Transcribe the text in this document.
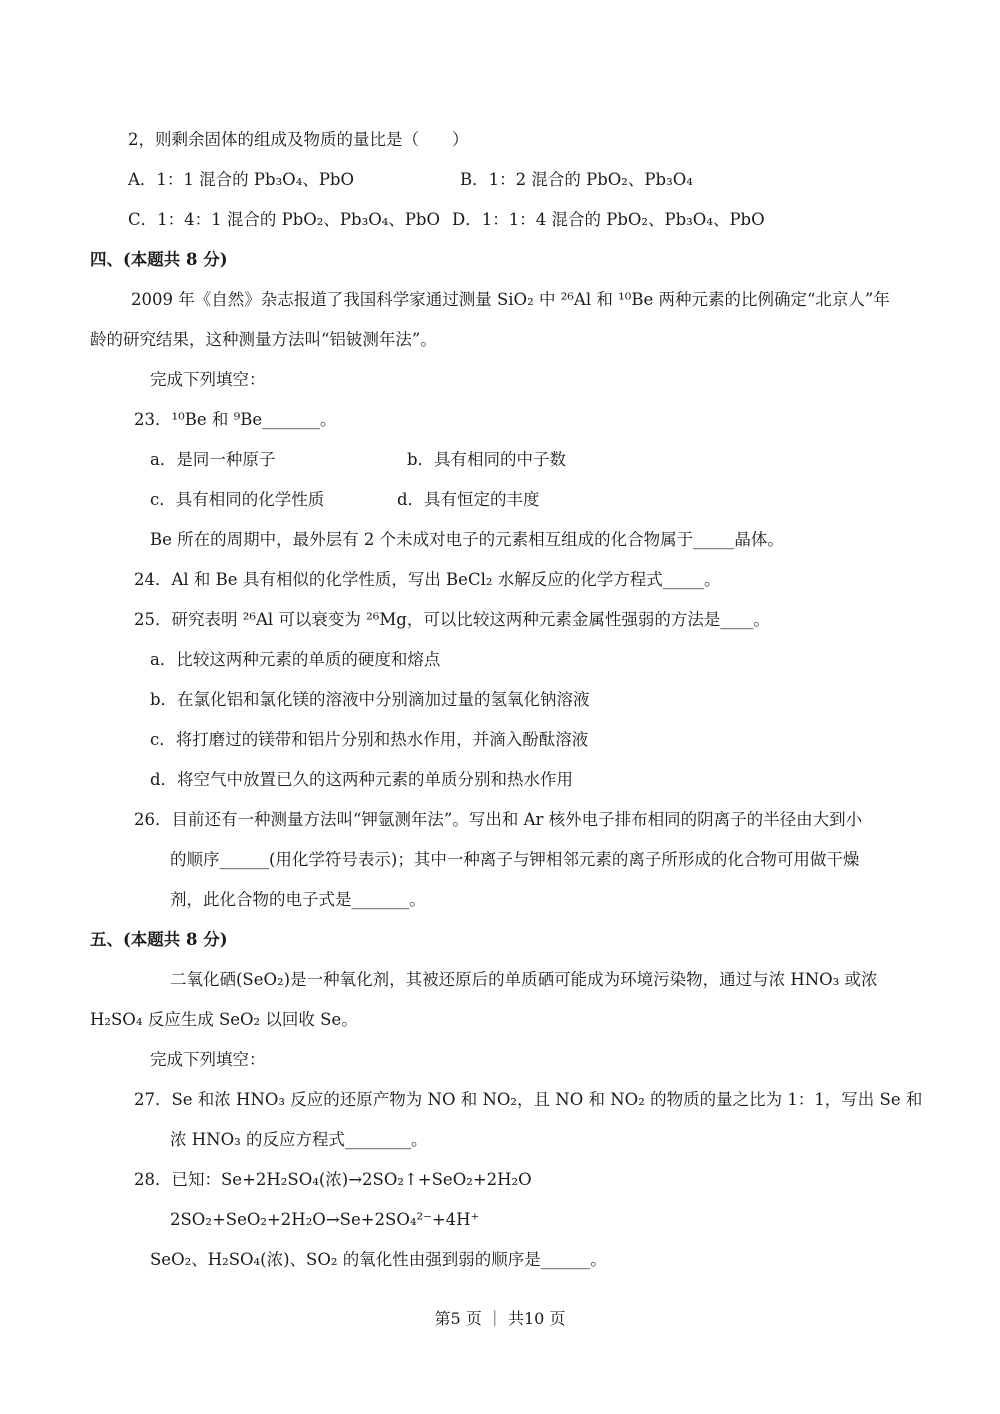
2，则剩余固体的组成及物质的量比是（　　）
A．1：1 混合的 Pb₃O₄、PbO	B．1：2 混合的 PbO₂、Pb₃O₄
C．1：4：1 混合的 PbO₂、Pb₃O₄、PbO D．1：1：4 混合的 PbO₂、Pb₃O₄、PbO
四、(本题共 8 分)
2009 年《自然》杂志报道了我国科学家通过测量 SiO₂ 中 ²⁶Al 和 ¹⁰Be 两种元素的比例确定“北京人”年
龄的研究结果，这种测量方法叫“铝铍测年法”。
完成下列填空：
23．¹⁰Be 和 ⁹Be_______。
a．是同一种原子	b．具有相同的中子数
c．具有相同的化学性质	d．具有恒定的丰度
Be 所在的周期中，最外层有 2 个未成对电子的元素相互组成的化合物属于_____晶体。
24．Al 和 Be 具有相似的化学性质，写出 BeCl₂ 水解反应的化学方程式_____。
25．研究表明 ²⁶Al 可以衰变为 ²⁶Mg，可以比较这两种元素金属性强弱的方法是____。
a．比较这两种元素的单质的硬度和熔点
b．在氯化铝和氯化镁的溶液中分别滴加过量的氢氧化钠溶液
c．将打磨过的镁带和铝片分别和热水作用，并滴入酚酞溶液
d．将空气中放置已久的这两种元素的单质分别和热水作用
26．目前还有一种测量方法叫“钾氩测年法”。写出和 Ar 核外电子排布相同的阴离子的半径由大到小
的顺序______(用化学符号表示)；其中一种离子与钾相邻元素的离子所形成的化合物可用做干燥
剂，此化合物的电子式是_______。
五、(本题共 8 分)
二氧化硒(SeO₂)是一种氧化剂，其被还原后的单质硒可能成为环境污染物，通过与浓 HNO₃ 或浓
H₂SO₄ 反应生成 SeO₂ 以回收 Se。
完成下列填空：
27．Se 和浓 HNO₃ 反应的还原产物为 NO 和 NO₂，且 NO 和 NO₂ 的物质的量之比为 1：1，写出 Se 和
浓 HNO₃ 的反应方程式________。
28．已知：Se+2H₂SO₄(浓)→2SO₂↑+SeO₂+2H₂O
2SO₂+SeO₂+2H₂O→Se+2SO₄²⁻+4H⁺
SeO₂、H₂SO₄(浓)、SO₂ 的氧化性由强到弱的顺序是______。
第5 页 ｜ 共10 页
